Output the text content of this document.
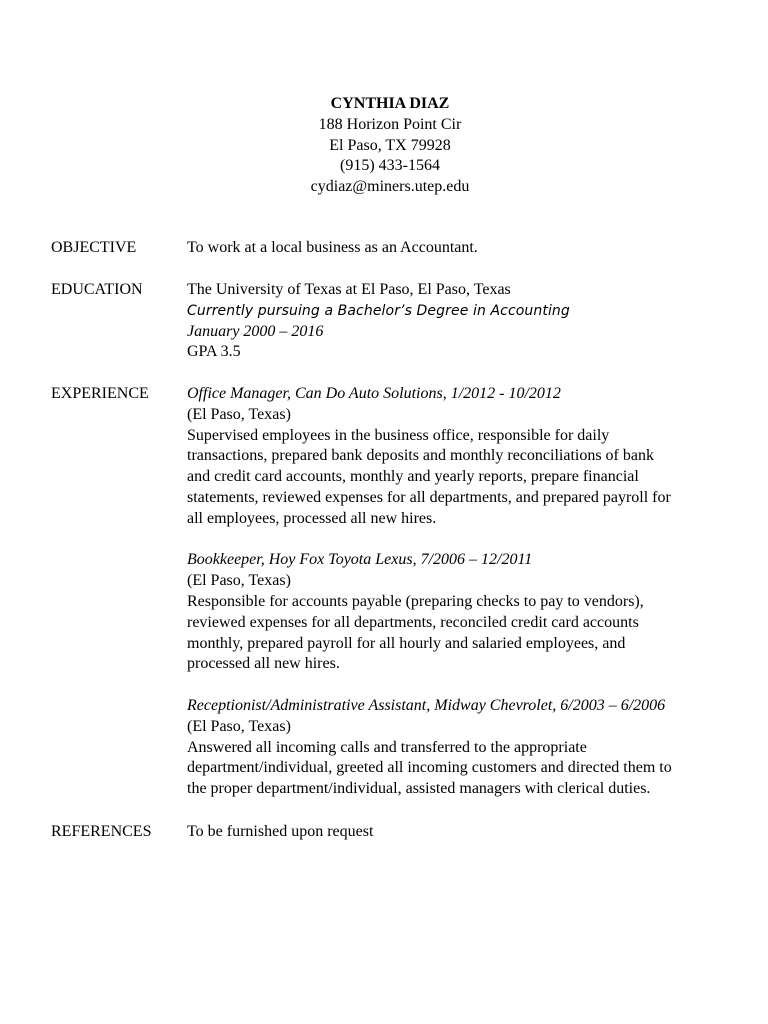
CYNTHIA DIAZ
188 Horizon Point Cir
El Paso, TX 79928
(915) 433-1564
cydiaz@miners.utep.edu
OBJECTIVE	To work at a local business as an Accountant.
EDUCATION	The University of Texas at El Paso, El Paso, Texas
Currently pursuing a Bachelor’s Degree in Accounting
January 2000 – 2016
GPA 3.5
EXPERIENCE	Office Manager, Can Do Auto Solutions, 1/2012 - 10/2012
(El Paso, Texas)
Supervised employees in the business office, responsible for daily
transactions, prepared bank deposits and monthly reconciliations of bank
and credit card accounts, monthly and yearly reports, prepare financial
statements, reviewed expenses for all departments, and prepared payroll for
all employees, processed all new hires.
Bookkeeper, Hoy Fox Toyota Lexus, 7/2006 – 12/2011
(El Paso, Texas)
Responsible for accounts payable (preparing checks to pay to vendors),
reviewed expenses for all departments, reconciled credit card accounts
monthly, prepared payroll for all hourly and salaried employees, and
processed all new hires.
Receptionist/Administrative Assistant, Midway Chevrolet, 6/2003 – 6/2006
(El Paso, Texas)
Answered all incoming calls and transferred to the appropriate
department/individual, greeted all incoming customers and directed them to
the proper department/individual, assisted managers with clerical duties.
REFERENCES	To be furnished upon request
